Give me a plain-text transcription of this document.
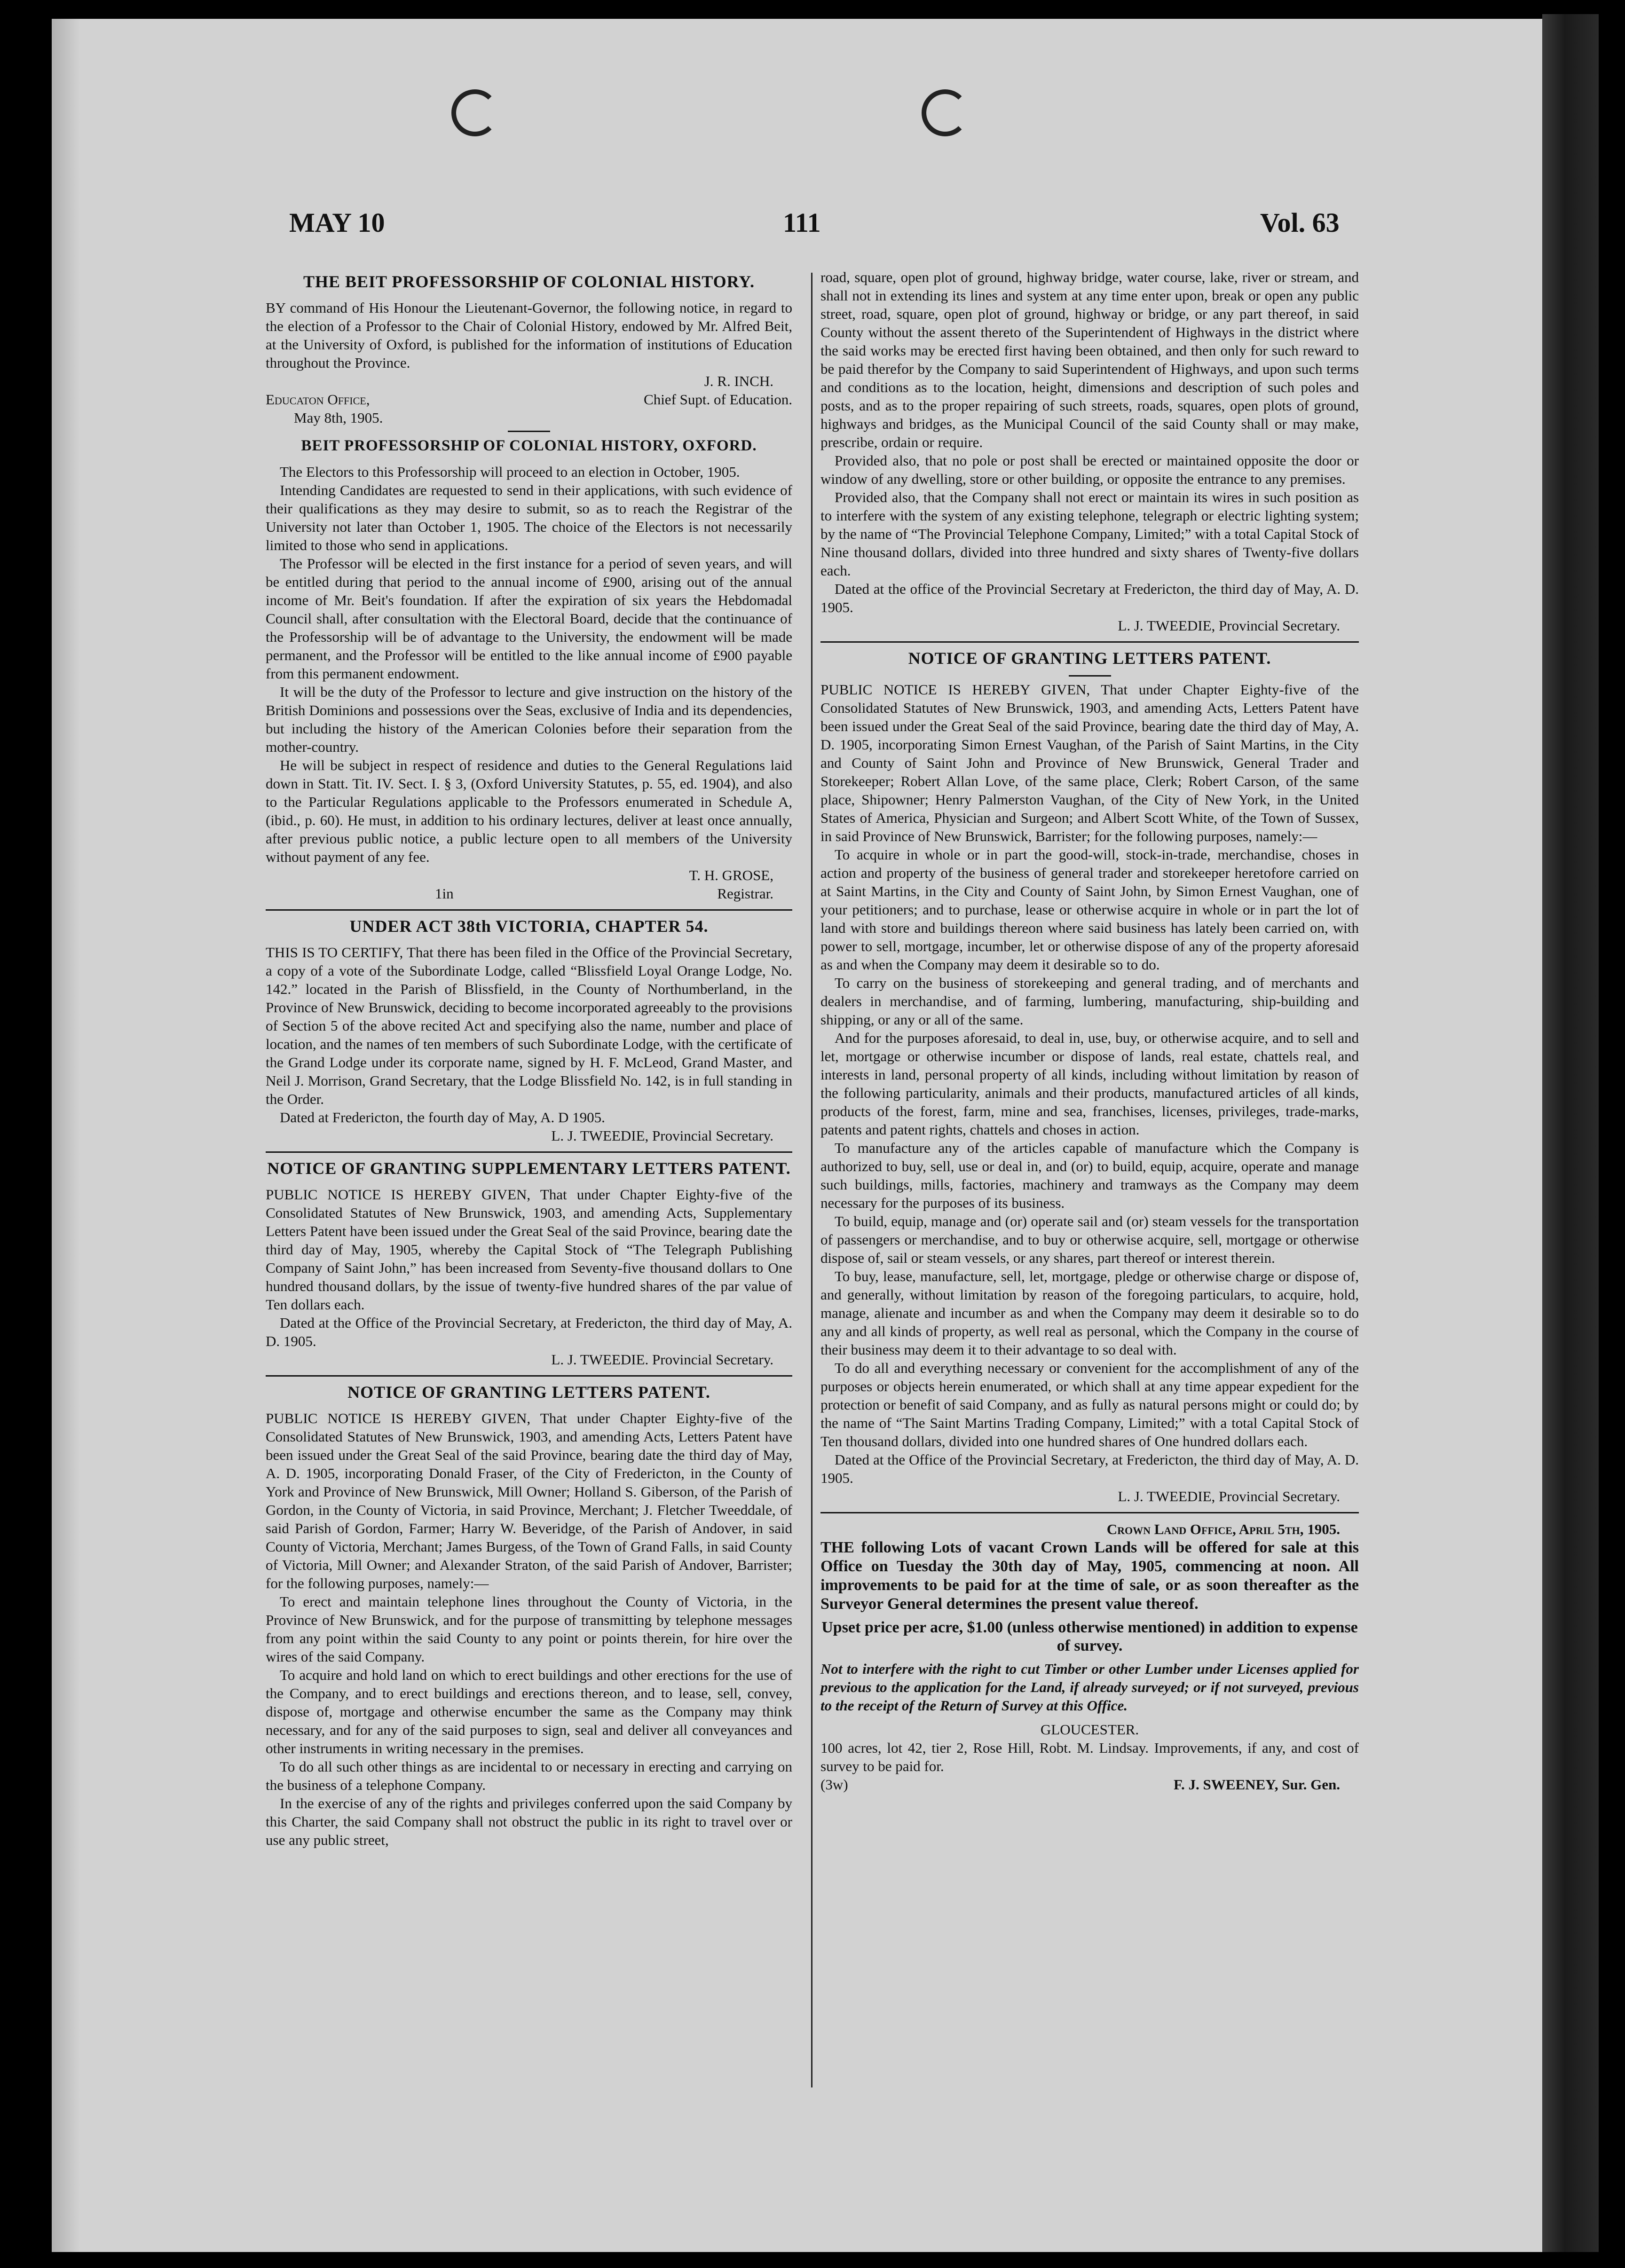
MAY 10	111	Vol. 63
THE BEIT PROFESSORSHIP OF COLONIAL HISTORY.

BY command of His Honour the Lieutenant-Governor, the following notice, in regard to the election of a Professor to the Chair of Colonial History, endowed by Mr. Alfred Beit, at the University of Oxford, is published for the information of institutions of Education throughout the Province.

J. R. INCH.
Educaton Office,	Chief Supt. of Education.
May 8th, 1905.
BEIT PROFESSORSHIP OF COLONIAL HISTORY, OXFORD.

The Electors to this Professorship will proceed to an election in October, 1905.

Intending Candidates are requested to send in their applications, with such evidence of their qualifications as they may desire to submit, so as to reach the Registrar of the University not later than October 1, 1905. The choice of the Electors is not necessarily limited to those who send in applications.

The Professor will be elected in the first instance for a period of seven years, and will be entitled during that period to the annual income of £900, arising out of the annual income of Mr. Beit's foundation. If after the expiration of six years the Hebdomadal Council shall, after consultation with the Electoral Board, decide that the continuance of the Professorship will be of advantage to the University, the endowment will be made permanent, and the Professor will be entitled to the like annual income of £900 payable from this permanent endowment.

It will be the duty of the Professor to lecture and give instruction on the history of the British Dominions and possessions over the Seas, exclusive of India and its dependencies, but including the history of the American Colonies before their separation from the mother-country.

He will be subject in respect of residence and duties to the General Regulations laid down in Statt. Tit. IV. Sect. I. § 3, (Oxford University Statutes, p. 55, ed. 1904), and also to the Particular Regulations applicable to the Professors enumerated in Schedule A, (ibid., p. 60). He must, in addition to his ordinary lectures, deliver at least once annually, after previous public notice, a public lecture open to all members of the University without payment of any fee.

T. H. GROSE,
1in	Registrar.
UNDER ACT 38th VICTORIA, CHAPTER 54.

THIS IS TO CERTIFY, That there has been filed in the Office of the Provincial Secretary, a copy of a vote of the Subordinate Lodge, called “Blissfield Loyal Orange Lodge, No. 142.” located in the Parish of Blissfield, in the County of Northumberland, in the Province of New Brunswick, deciding to become incorporated agreeably to the provisions of Section 5 of the above recited Act and specifying also the name, number and place of location, and the names of ten members of such Subordinate Lodge, with the certificate of the Grand Lodge under its corporate name, signed by H. F. McLeod, Grand Master, and Neil J. Morrison, Grand Secretary, that the Lodge Blissfield No. 142, is in full standing in the Order.

Dated at Fredericton, the fourth day of May, A. D 1905.

L. J. TWEEDIE, Provincial Secretary.
NOTICE OF GRANTING SUPPLEMENTARY LETTERS PATENT.

PUBLIC NOTICE IS HEREBY GIVEN, That under Chapter Eighty-five of the Consolidated Statutes of New Brunswick, 1903, and amending Acts, Supplementary Letters Patent have been issued under the Great Seal of the said Province, bearing date the third day of May, 1905, whereby the Capital Stock of “The Telegraph Publishing Company of Saint John,” has been increased from Seventy-five thousand dollars to One hundred thousand dollars, by the issue of twenty-five hundred shares of the par value of Ten dollars each.

Dated at the Office of the Provincial Secretary, at Fredericton, the third day of May, A. D. 1905.

L. J. TWEEDIE. Provincial Secretary.
NOTICE OF GRANTING LETTERS PATENT.

PUBLIC NOTICE IS HEREBY GIVEN, That under Chapter Eighty-five of the Consolidated Statutes of New Brunswick, 1903, and amending Acts, Letters Patent have been issued under the Great Seal of the said Province, bearing date the third day of May, A. D. 1905, incorporating Donald Fraser, of the City of Fredericton, in the County of York and Province of New Brunswick, Mill Owner; Holland S. Giberson, of the Parish of Gordon, in the County of Victoria, in said Province, Merchant; J. Fletcher Tweeddale, of said Parish of Gordon, Farmer; Harry W. Beveridge, of the Parish of Andover, in said County of Victoria, Merchant; James Burgess, of the Town of Grand Falls, in said County of Victoria, Mill Owner; and Alexander Straton, of the said Parish of Andover, Barrister; for the following purposes, namely:—

To erect and maintain telephone lines throughout the County of Victoria, in the Province of New Brunswick, and for the purpose of transmitting by telephone messages from any point within the said County to any point or points therein, for hire over the wires of the said Company.

To acquire and hold land on which to erect buildings and other erections for the use of the Company, and to erect buildings and erections thereon, and to lease, sell, convey, dispose of, mortgage and otherwise encumber the same as the Company may think necessary, and for any of the said purposes to sign, seal and deliver all conveyances and other instruments in writing necessary in the premises.

To do all such other things as are incidental to or necessary in erecting and carrying on the business of a telephone Company.

In the exercise of any of the rights and privileges conferred upon the said Company by this Charter, the said Company shall not obstruct the public in its right to travel over or use any public street,

road, square, open plot of ground, highway bridge, water course, lake, river or stream, and shall not in extending its lines and system at any time enter upon, break or open any public street, road, square, open plot of ground, highway or bridge, or any part thereof, in said County without the assent thereto of the Superintendent of Highways in the district where the said works may be erected first having been obtained, and then only for such reward to be paid therefor by the Company to said Superintendent of Highways, and upon such terms and conditions as to the location, height, dimensions and description of such poles and posts, and as to the proper repairing of such streets, roads, squares, open plots of ground, highways and bridges, as the Municipal Council of the said County shall or may make, prescribe, ordain or require.

Provided also, that no pole or post shall be erected or maintained opposite the door or window of any dwelling, store or other building, or opposite the entrance to any premises.

Provided also, that the Company shall not erect or maintain its wires in such position as to interfere with the system of any existing telephone, telegraph or electric lighting system; by the name of “The Provincial Telephone Company, Limited;” with a total Capital Stock of Nine thousand dollars, divided into three hundred and sixty shares of Twenty-five dollars each.

Dated at the office of the Provincial Secretary at Fredericton, the third day of May, A. D. 1905.

L. J. TWEEDIE, Provincial Secretary.
NOTICE OF GRANTING LETTERS PATENT.

PUBLIC NOTICE IS HEREBY GIVEN, That under Chapter Eighty-five of the Consolidated Statutes of New Brunswick, 1903, and amending Acts, Letters Patent have been issued under the Great Seal of the said Province, bearing date the third day of May, A. D. 1905, incorporating Simon Ernest Vaughan, of the Parish of Saint Martins, in the City and County of Saint John and Province of New Brunswick, General Trader and Storekeeper; Robert Allan Love, of the same place, Clerk; Robert Carson, of the same place, Shipowner; Henry Palmerston Vaughan, of the City of New York, in the United States of America, Physician and Surgeon; and Albert Scott White, of the Town of Sussex, in said Province of New Brunswick, Barrister; for the following purposes, namely:—

To acquire in whole or in part the good-will, stock-in-trade, merchandise, choses in action and property of the business of general trader and storekeeper heretofore carried on at Saint Martins, in the City and County of Saint John, by Simon Ernest Vaughan, one of your petitioners; and to purchase, lease or otherwise acquire in whole or in part the lot of land with store and buildings thereon where said business has lately been carried on, with power to sell, mortgage, incumber, let or otherwise dispose of any of the property aforesaid as and when the Company may deem it desirable so to do.

To carry on the business of storekeeping and general trading, and of merchants and dealers in merchandise, and of farming, lumbering, manufacturing, ship-building and shipping, or any or all of the same.

And for the purposes aforesaid, to deal in, use, buy, or otherwise acquire, and to sell and let, mortgage or otherwise incumber or dispose of lands, real estate, chattels real, and interests in land, personal property of all kinds, including without limitation by reason of the following particularity, animals and their products, manufactured articles of all kinds, products of the forest, farm, mine and sea, franchises, licenses, privileges, trade-marks, patents and patent rights, chattels and choses in action.

To manufacture any of the articles capable of manufacture which the Company is authorized to buy, sell, use or deal in, and (or) to build, equip, acquire, operate and manage such buildings, mills, factories, machinery and tramways as the Company may deem necessary for the purposes of its business.

To build, equip, manage and (or) operate sail and (or) steam vessels for the transportation of passengers or merchandise, and to buy or otherwise acquire, sell, mortgage or otherwise dispose of, sail or steam vessels, or any shares, part thereof or interest therein.

To buy, lease, manufacture, sell, let, mortgage, pledge or otherwise charge or dispose of, and generally, without limitation by reason of the foregoing particulars, to acquire, hold, manage, alienate and incumber as and when the Company may deem it desirable so to do any and all kinds of property, as well real as personal, which the Company in the course of their business may deem it to their advantage to so deal with.

To do all and everything necessary or convenient for the accomplishment of any of the purposes or objects herein enumerated, or which shall at any time appear expedient for the protection or benefit of said Company, and as fully as natural persons might or could do; by the name of “The Saint Martins Trading Company, Limited;” with a total Capital Stock of Ten thousand dollars, divided into one hundred shares of One hundred dollars each.

Dated at the Office of the Provincial Secretary, at Fredericton, the third day of May, A. D. 1905.

L. J. TWEEDIE, Provincial Secretary.
Crown Land Office, April 5th, 1905.

THE following Lots of vacant Crown Lands will be offered for sale at this Office on Tuesday the 30th day of May, 1905, commencing at noon. All improvements to be paid for at the time of sale, or as soon thereafter as the Surveyor General determines the present value thereof.

Upset price per acre, $1.00 (unless otherwise mentioned) in addition to expense of survey.

Not to interfere with the right to cut Timber or other Lumber under Licenses applied for previous to the application for the Land, if already surveyed; or if not surveyed, previous to the receipt of the Return of Survey at this Office.

GLOUCESTER.

100 acres, lot 42, tier 2, Rose Hill, Robt. M. Lindsay. Improvements, if any, and cost of survey to be paid for.

(3w)	F. J. SWEENEY, Sur. Gen.
